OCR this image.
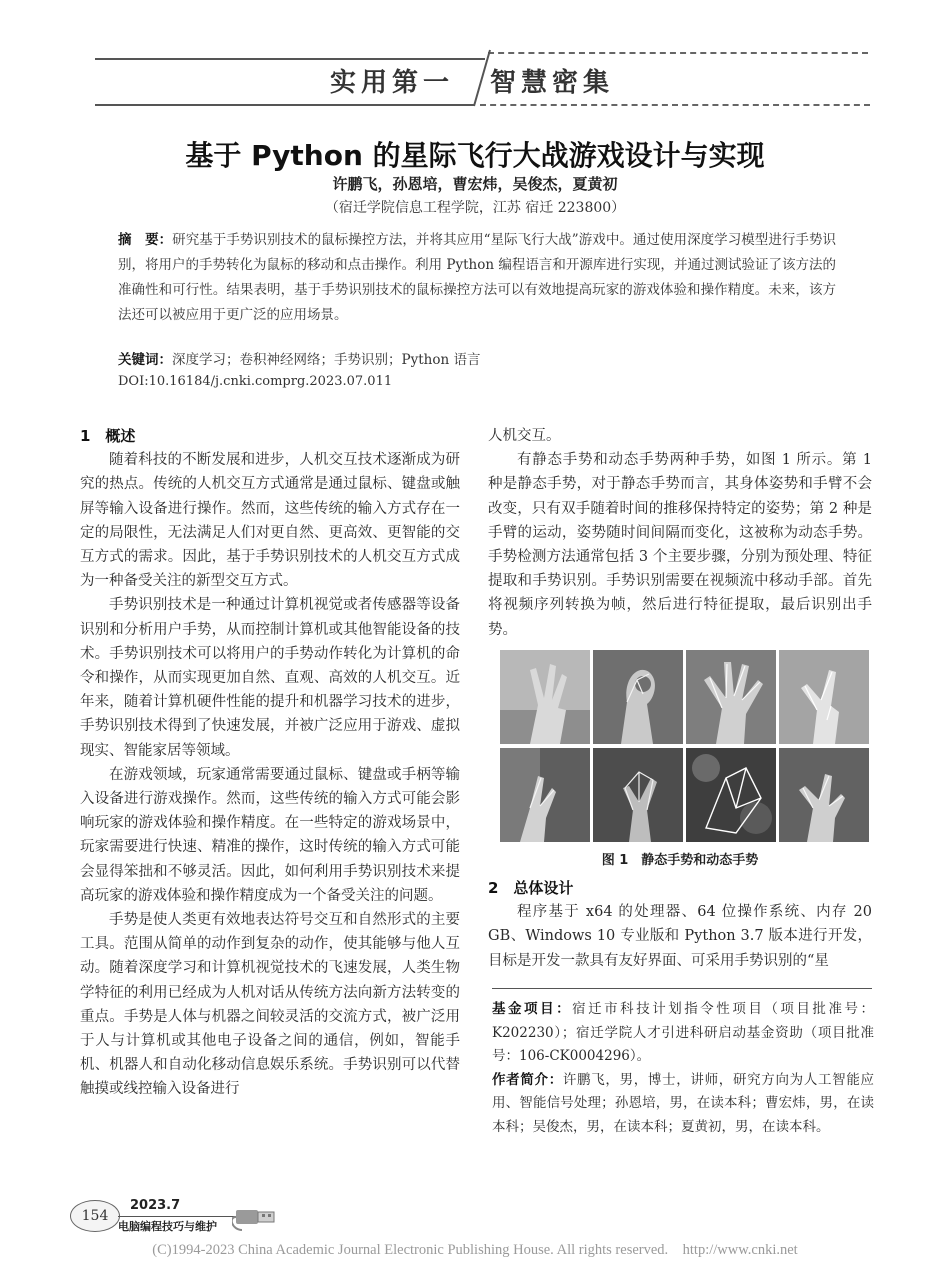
实用第一 智慧密集
基于 Python 的星际飞行大战游戏设计与实现
许鹏飞，孙恩培，曹宏炜，吴俊杰，夏黄初
（宿迁学院信息工程学院，江苏 宿迁 223800）
摘　要：研究基于手势识别技术的鼠标操控方法，并将其应用“星际飞行大战”游戏中。通过使用深度学习模型进行手势识别，将用户的手势转化为鼠标的移动和点击操作。利用 Python 编程语言和开源库进行实现，并通过测试验证了该方法的准确性和可行性。结果表明，基于手势识别技术的鼠标操控方法可以有效地提高玩家的游戏体验和操作精度。未来，该方法还可以被应用于更广泛的应用场景。
关键词：深度学习；卷积神经网络；手势识别；Python 语言
DOI:10.16184/j.cnki.comprg.2023.07.011

1　概述

随着科技的不断发展和进步，人机交互技术逐渐成为研究的热点。传统的人机交互方式通常是通过鼠标、键盘或触屏等输入设备进行操作。然而，这些传统的输入方式存在一定的局限性，无法满足人们对更自然、更高效、更智能的交互方式的需求。因此，基于手势识别技术的人机交互方式成为一种备受关注的新型交互方式。

手势识别技术是一种通过计算机视觉或者传感器等设备识别和分析用户手势，从而控制计算机或其他智能设备的技术。手势识别技术可以将用户的手势动作转化为计算机的命令和操作，从而实现更加自然、直观、高效的人机交互。近年来，随着计算机硬件性能的提升和机器学习技术的进步，手势识别技术得到了快速发展，并被广泛应用于游戏、虚拟现实、智能家居等领域。

在游戏领域，玩家通常需要通过鼠标、键盘或手柄等输入设备进行游戏操作。然而，这些传统的输入方式可能会影响玩家的游戏体验和操作精度。在一些特定的游戏场景中，玩家需要进行快速、精准的操作，这时传统的输入方式可能会显得笨拙和不够灵活。因此，如何利用手势识别技术来提高玩家的游戏体验和操作精度成为一个备受关注的问题。

手势是使人类更有效地表达符号交互和自然形式的主要工具。范围从简单的动作到复杂的动作，使其能够与他人互动。随着深度学习和计算机视觉技术的飞速发展，人类生物学特征的利用已经成为人机对话从传统方法向新方法转变的重点。手势是人体与机器之间较灵活的交流方式，被广泛用于人与计算机或其他电子设备之间的通信，例如，智能手机、机器人和自动化移动信息娱乐系统。手势识别可以代替触摸或线控输入设备进行

人机交互。

有静态手势和动态手势两种手势，如图 1 所示。第 1 种是静态手势，对于静态手势而言，其身体姿势和手臂不会改变，只有双手随着时间的推移保持特定的姿势；第 2 种是手臂的运动，姿势随时间间隔而变化，这被称为动态手势。手势检测方法通常包括 3 个主要步骤，分别为预处理、特征提取和手势识别。手势识别需要在视频流中移动手部。首先将视频序列转换为帧，然后进行特征提取，最后识别出手势。

图 1　静态手势和动态手势

2　总体设计

程序基于 x64 的处理器、64 位操作系统、内存 20 GB、Windows 10 专业版和 Python 3.7 版本进行开发，目标是开发一款具有友好界面、可采用手势识别的“星

基金项目：宿迁市科技计划指令性项目（项目批准号：K202230）；宿迁学院人才引进科研启动基金资助（项目批准号：106-CK0004296）。

作者简介：许鹏飞，男，博士，讲师，研究方向为人工智能应用、智能信号处理；孙恩培，男，在读本科；曹宏炜，男，在读本科；吴俊杰，男，在读本科；夏黄初，男，在读本科。

154
2023.7
电脑编程技巧与维护
(C)1994-2023 China Academic Journal Electronic Publishing House. All rights reserved.　http://www.cnki.net
